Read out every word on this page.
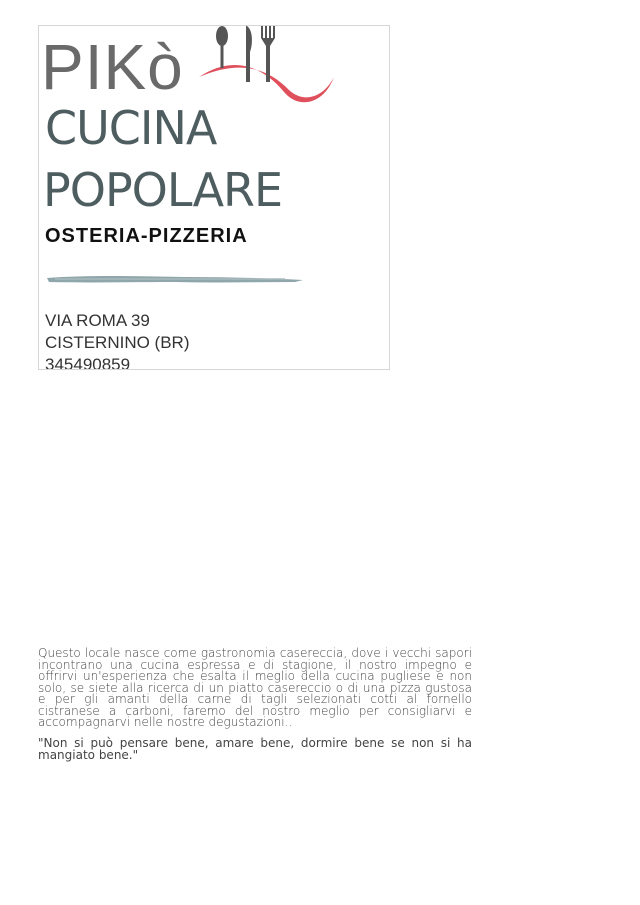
PIKò
CUCINA
POPOLARE
OSTERIA-PIZZERIA
VIA ROMA 39
CISTERNINO (BR)
345490859
Questo locale nasce come gastronomia casereccia, dove i vecchi sapori incontrano una cucina espressa e di stagione, il nostro impegno e offrirvi un'esperienza che esalta il meglio della cucina pugliese e non solo, se siete alla ricerca di un piatto casereccio o di una pizza gustosa e per gli amanti della carne di tagli selezionati cotti al fornello cistranese a carboni, faremo del nostro meglio per consigliarvi e accompagnarvi nelle nostre degustazioni..
"Non si può pensare bene, amare bene, dormire bene se non si ha mangiato bene."
